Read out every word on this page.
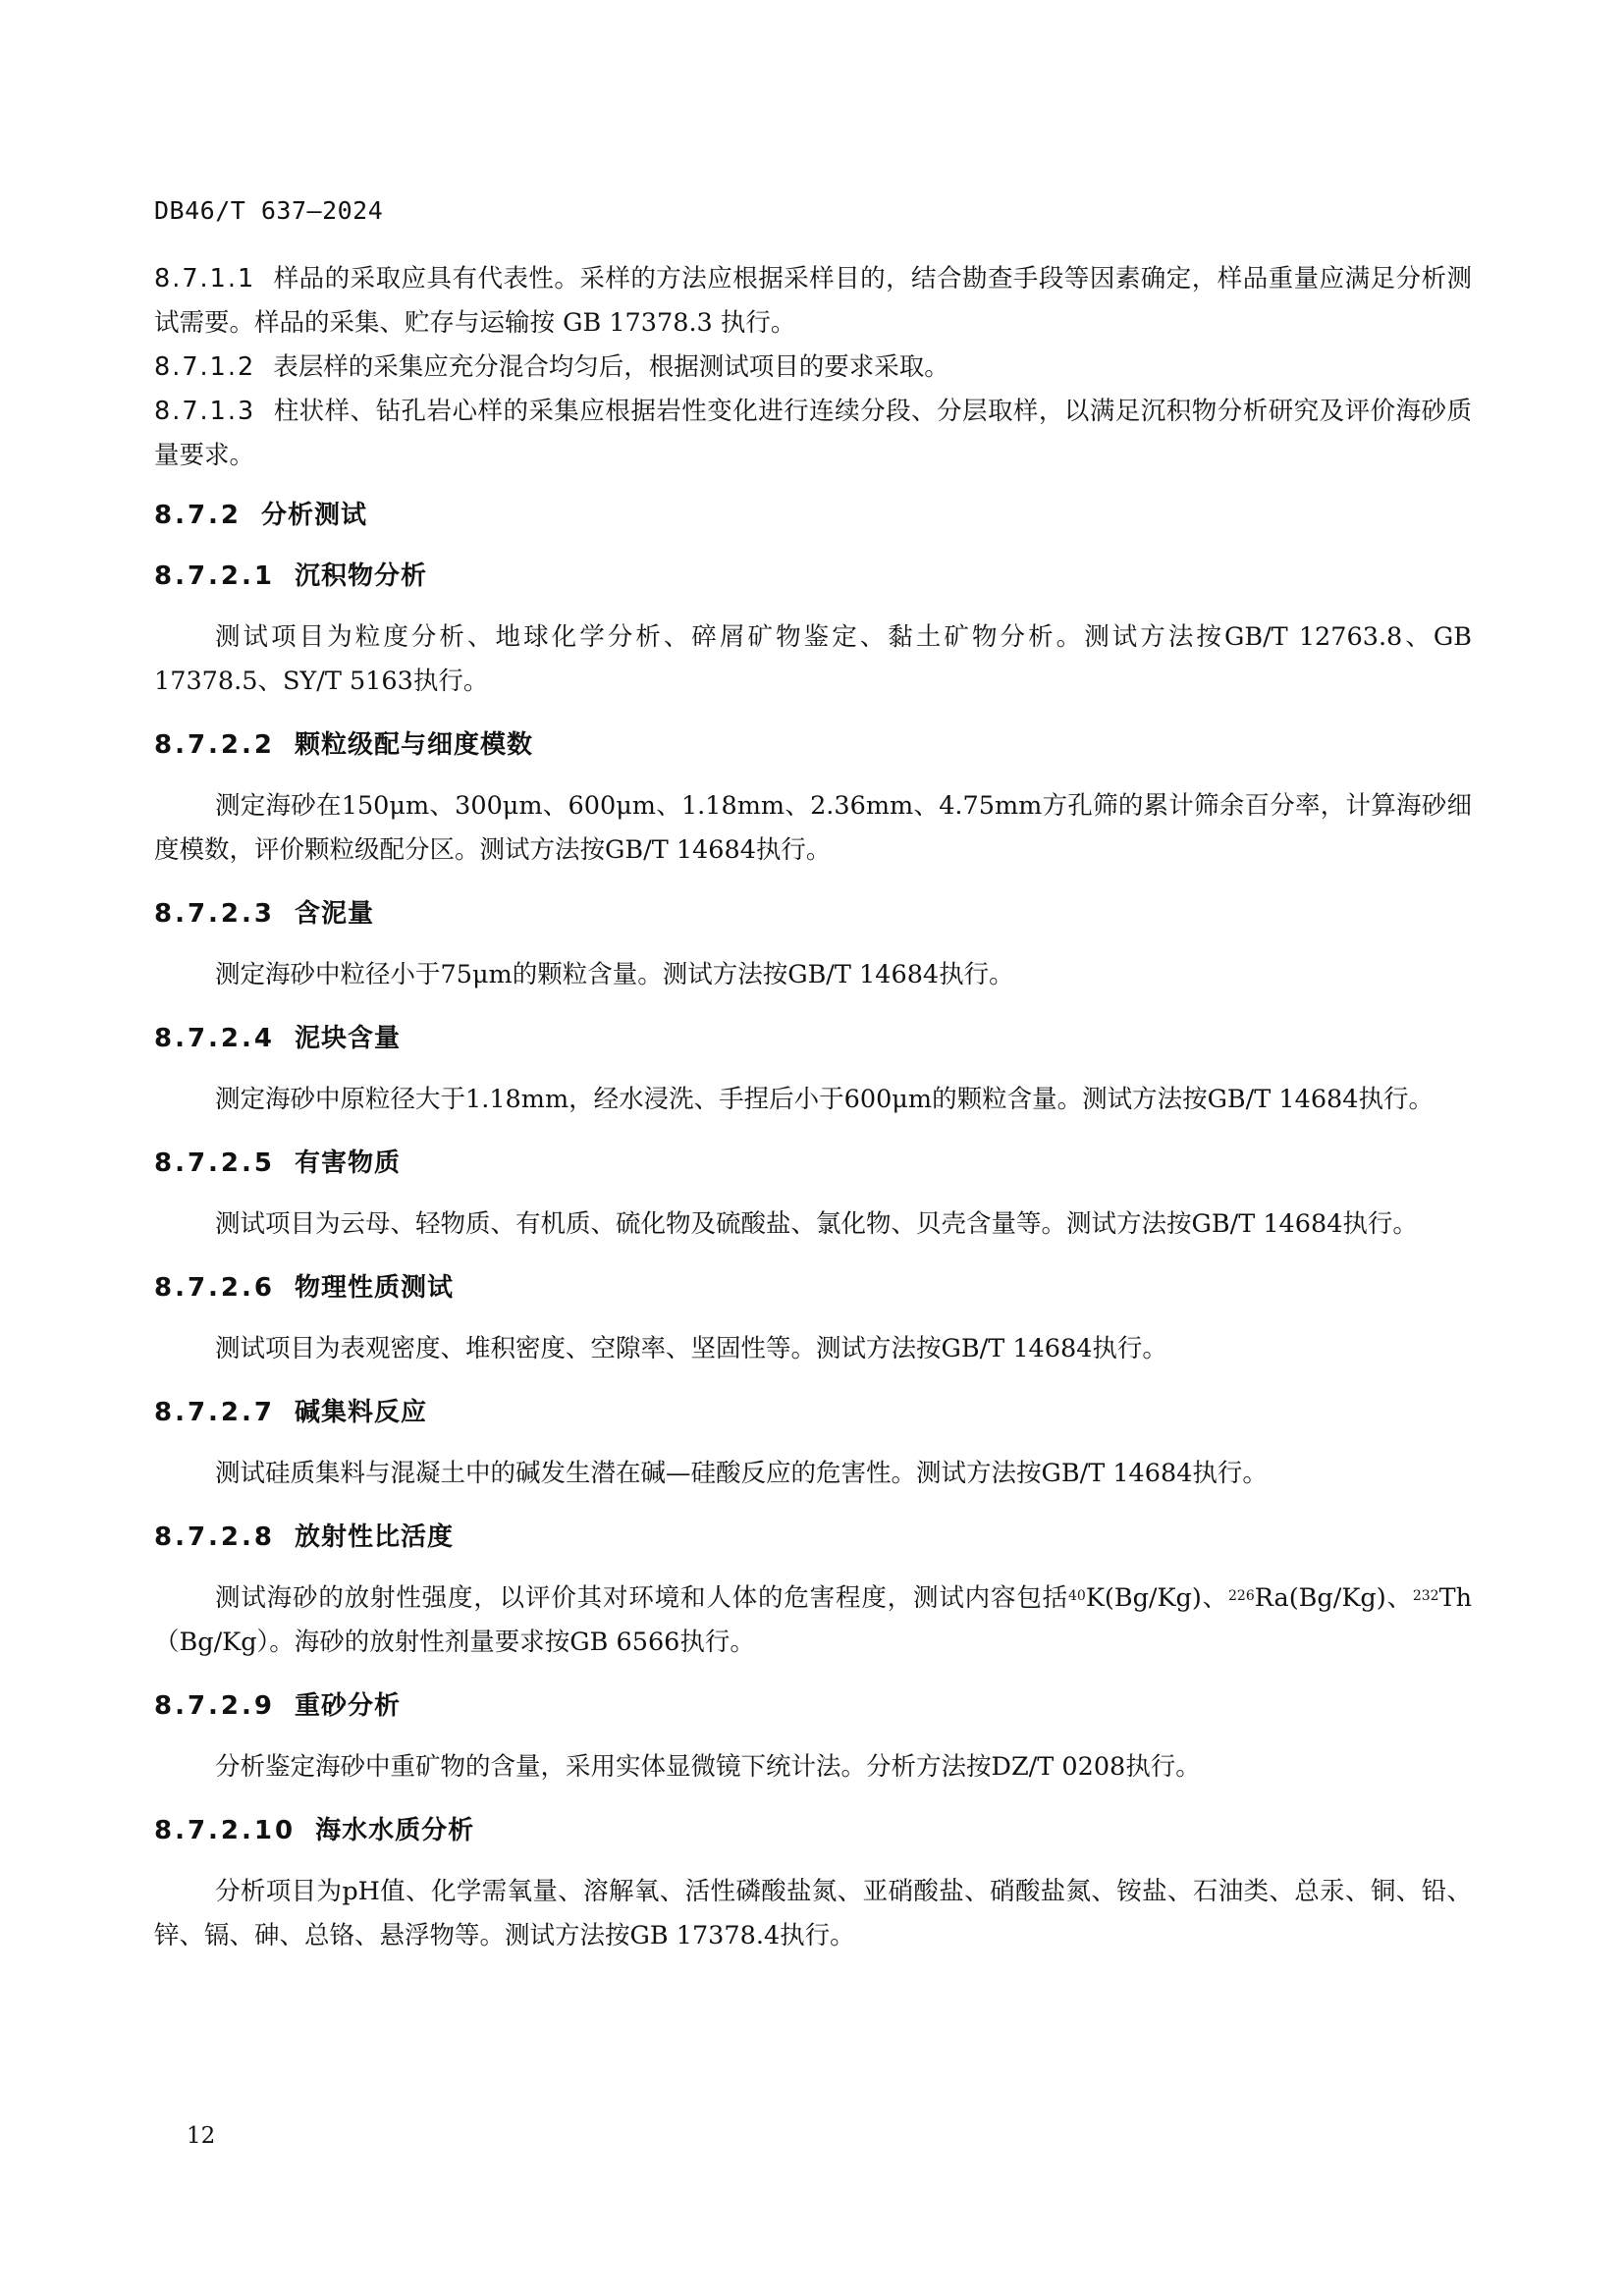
DB46/T 637—2024

8.7.1.1 样品的采取应具有代表性。采样的方法应根据采样目的，结合勘查手段等因素确定，样品重量应满足分析测试需要。样品的采集、贮存与运输按 GB 17378.3 执行。

8.7.1.2 表层样的采集应充分混合均匀后，根据测试项目的要求采取。

8.7.1.3 柱状样、钻孔岩心样的采集应根据岩性变化进行连续分段、分层取样，以满足沉积物分析研究及评价海砂质量要求。

8.7.2 分析测试
8.7.2.1 沉积物分析

测试项目为粒度分析、地球化学分析、碎屑矿物鉴定、黏土矿物分析。测试方法按GB/T 12763.8、GB 17378.5、SY/T 5163执行。

8.7.2.2 颗粒级配与细度模数

测定海砂在150μm、300μm、600μm、1.18mm、2.36mm、4.75mm方孔筛的累计筛余百分率，计算海砂细度模数，评价颗粒级配分区。测试方法按GB/T 14684执行。

8.7.2.3 含泥量

测定海砂中粒径小于75μm的颗粒含量。测试方法按GB/T 14684执行。

8.7.2.4 泥块含量

测定海砂中原粒径大于1.18mm，经水浸洗、手捏后小于600μm的颗粒含量。测试方法按GB/T 14684执行。

8.7.2.5 有害物质

测试项目为云母、轻物质、有机质、硫化物及硫酸盐、氯化物、贝壳含量等。测试方法按GB/T 14684执行。

8.7.2.6 物理性质测试

测试项目为表观密度、堆积密度、空隙率、坚固性等。测试方法按GB/T 14684执行。

8.7.2.7 碱集料反应

测试硅质集料与混凝土中的碱发生潜在碱—硅酸反应的危害性。测试方法按GB/T 14684执行。

8.7.2.8 放射性比活度

测试海砂的放射性强度，以评价其对环境和人体的危害程度，测试内容包括$^{40}$K(Bg/Kg)、$^{226}$Ra(Bg/Kg)、$^{232}$Th（Bg/Kg）。海砂的放射性剂量要求按GB 6566执行。

8.7.2.9 重砂分析

分析鉴定海砂中重矿物的含量，采用实体显微镜下统计法。分析方法按DZ/T 0208执行。

8.7.2.10 海水水质分析

分析项目为pH值、化学需氧量、溶解氧、活性磷酸盐氮、亚硝酸盐、硝酸盐氮、铵盐、石油类、总汞、铜、铅、锌、镉、砷、总铬、悬浮物等。测试方法按GB 17378.4执行。

12
